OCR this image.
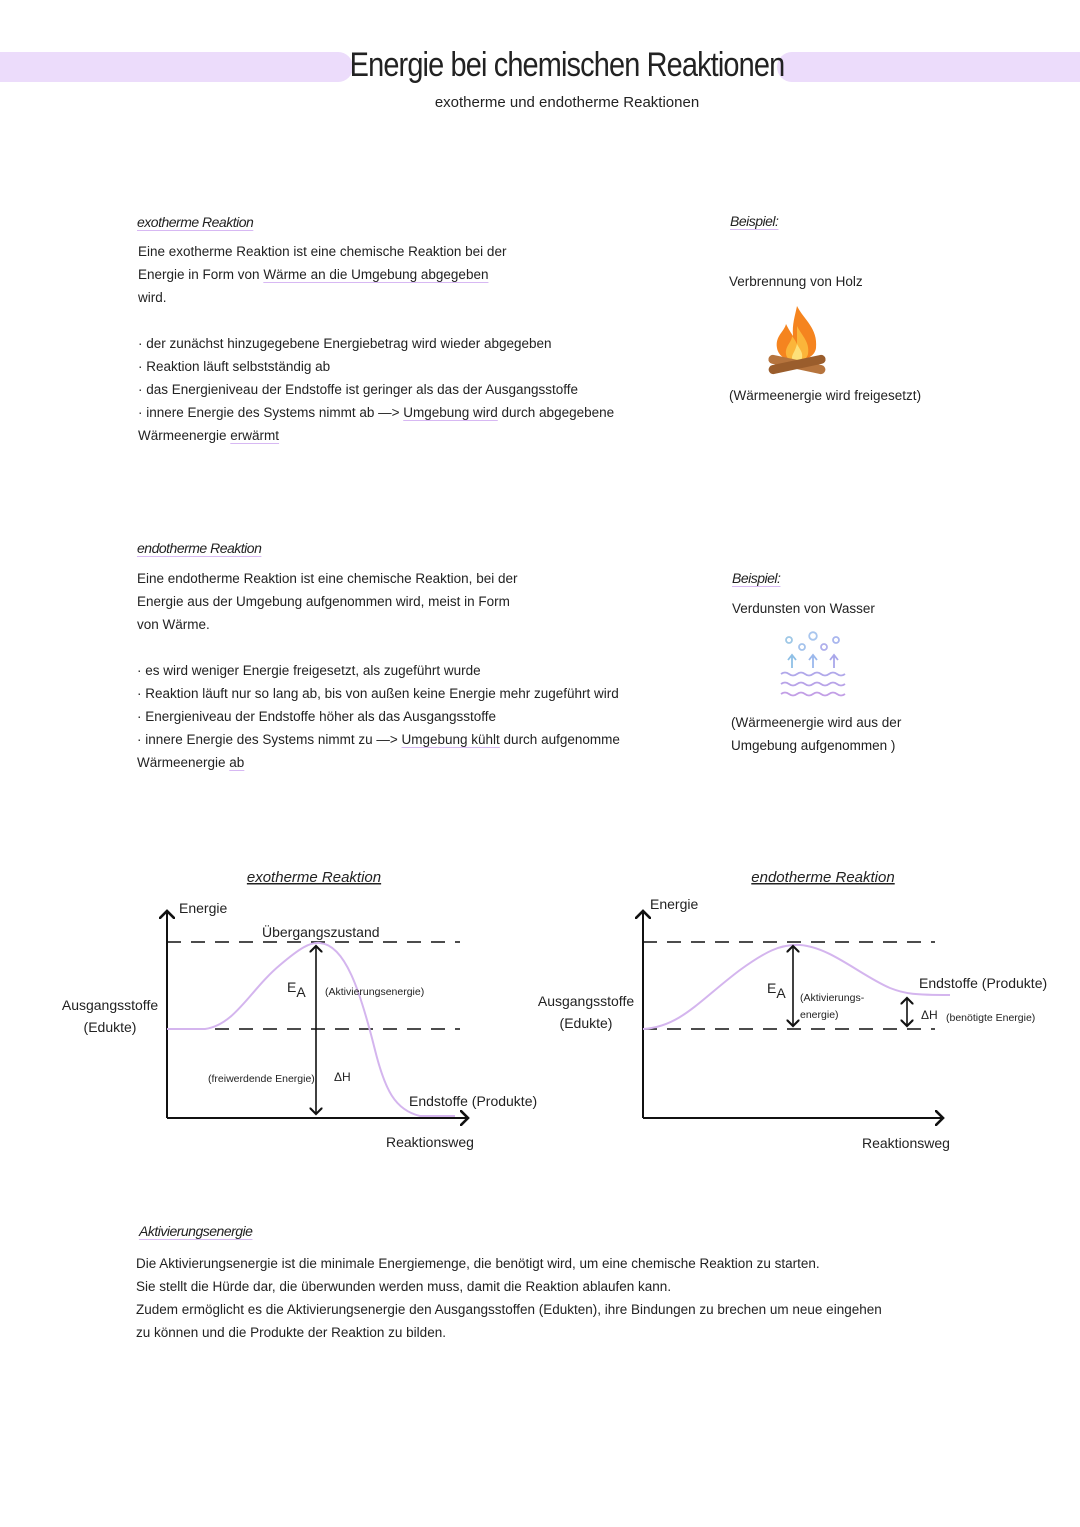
Energie bei chemischen Reaktionen
exotherme und endotherme Reaktionen
exotherme Reaktion
Eine exotherme Reaktion ist eine chemische Reaktion bei der
Energie in Form von Wärme an die Umgebung abgegeben
wird.

· der zunächst hinzugegebene Energiebetrag wird wieder abgegeben
· Reaktion läuft selbstständig ab
· das Energieniveau der Endstoffe ist geringer als das der Ausgangsstoffe
· innere Energie des Systems nimmt ab —> Umgebung wird durch abgegebene
Wärmeenergie erwärmt
Beispiel:
Verbrennung von Holz
(Wärmeenergie wird freigesetzt)
endotherme Reaktion
Eine endotherme Reaktion ist eine chemische Reaktion, bei der
Energie aus der Umgebung aufgenommen wird, meist in Form
von Wärme.

· es wird weniger Energie freigesetzt, als zugeführt wurde
· Reaktion läuft nur so lang ab, bis von außen keine Energie mehr zugeführt wird
· Energieniveau der Endstoffe höher als das Ausgangsstoffe
· innere Energie des Systems nimmt zu —> Umgebung kühlt durch aufgenomme
Wärmeenergie ab
Beispiel:
Verdunsten von Wasser
(Wärmeenergie wird aus der
Umgebung aufgenommen )
exotherme Reaktion
Energie
Übergangszustand
Ausgangsstoffe
(Edukte)
EA (Aktivierungsenergie)
(freiwerdende Energie) ΔH
Endstoffe (Produkte)
Reaktionsweg
endotherme Reaktion
Energie
Ausgangsstoffe
(Edukte)
EA (Aktivierungs-
energie)
Endstoffe (Produkte)
ΔH (benötigte Energie)
Reaktionsweg
Aktivierungsenergie
Die Aktivierungsenergie ist die minimale Energiemenge, die benötigt wird, um eine chemische Reaktion zu starten.
Sie stellt die Hürde dar, die überwunden werden muss, damit die Reaktion ablaufen kann.
Zudem ermöglicht es die Aktivierungsenergie den Ausgangsstoffen (Edukten), ihre Bindungen zu brechen um neue eingehen
zu können und die Produkte der Reaktion zu bilden.
